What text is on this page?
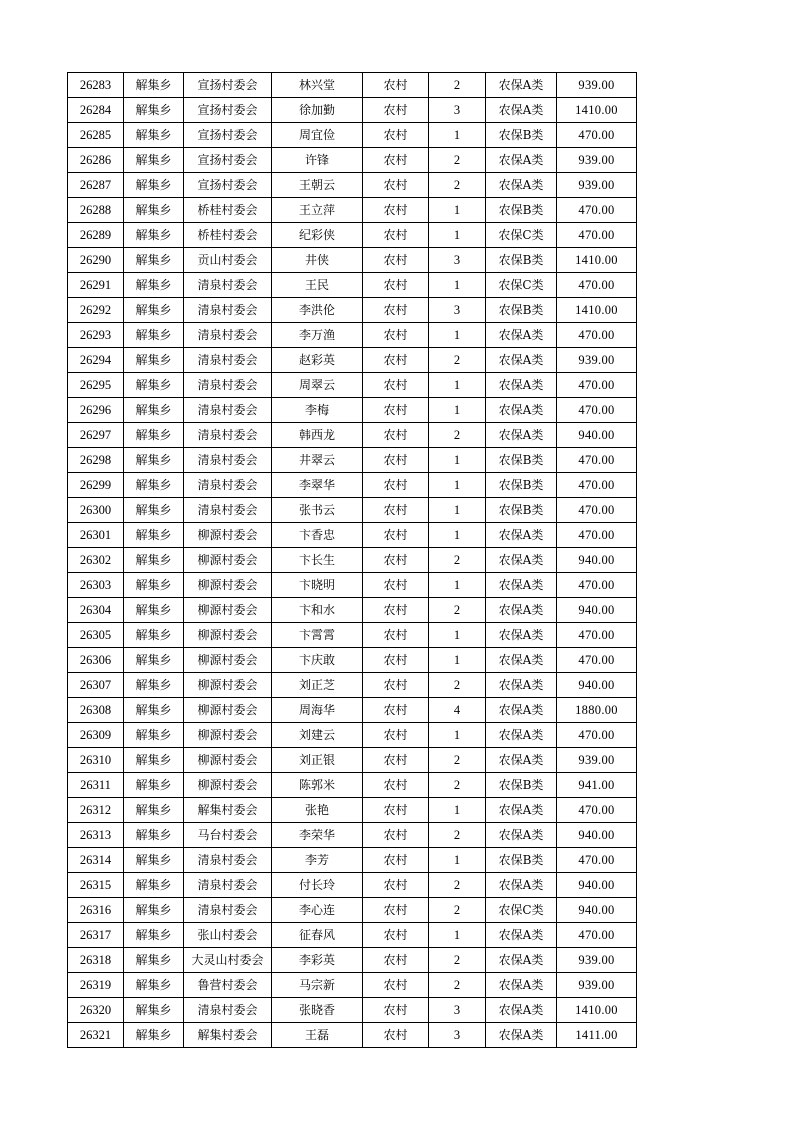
26283	解集乡	宣扬村委会	林兴堂	农村	2	农保A类	939.00
26284	解集乡	宣扬村委会	徐加勤	农村	3	农保A类	1410.00
26285	解集乡	宣扬村委会	周宜俭	农村	1	农保B类	470.00
26286	解集乡	宣扬村委会	许锋	农村	2	农保A类	939.00
26287	解集乡	宣扬村委会	王朝云	农村	2	农保A类	939.00
26288	解集乡	桥桂村委会	王立萍	农村	1	农保B类	470.00
26289	解集乡	桥桂村委会	纪彩侠	农村	1	农保C类	470.00
26290	解集乡	贡山村委会	井侠	农村	3	农保B类	1410.00
26291	解集乡	清泉村委会	王民	农村	1	农保C类	470.00
26292	解集乡	清泉村委会	李洪伦	农村	3	农保B类	1410.00
26293	解集乡	清泉村委会	李万渔	农村	1	农保A类	470.00
26294	解集乡	清泉村委会	赵彩英	农村	2	农保A类	939.00
26295	解集乡	清泉村委会	周翠云	农村	1	农保A类	470.00
26296	解集乡	清泉村委会	李梅	农村	1	农保A类	470.00
26297	解集乡	清泉村委会	韩西龙	农村	2	农保A类	940.00
26298	解集乡	清泉村委会	井翠云	农村	1	农保B类	470.00
26299	解集乡	清泉村委会	李翠华	农村	1	农保B类	470.00
26300	解集乡	清泉村委会	张书云	农村	1	农保B类	470.00
26301	解集乡	柳源村委会	卞香忠	农村	1	农保A类	470.00
26302	解集乡	柳源村委会	卞长生	农村	2	农保A类	940.00
26303	解集乡	柳源村委会	卞晓明	农村	1	农保A类	470.00
26304	解集乡	柳源村委会	卞和水	农村	2	农保A类	940.00
26305	解集乡	柳源村委会	卞霄霄	农村	1	农保A类	470.00
26306	解集乡	柳源村委会	卞庆敢	农村	1	农保A类	470.00
26307	解集乡	柳源村委会	刘正芝	农村	2	农保A类	940.00
26308	解集乡	柳源村委会	周海华	农村	4	农保A类	1880.00
26309	解集乡	柳源村委会	刘建云	农村	1	农保A类	470.00
26310	解集乡	柳源村委会	刘正银	农村	2	农保A类	939.00
26311	解集乡	柳源村委会	陈郭米	农村	2	农保B类	941.00
26312	解集乡	解集村委会	张艳	农村	1	农保A类	470.00
26313	解集乡	马台村委会	李荣华	农村	2	农保A类	940.00
26314	解集乡	清泉村委会	李芳	农村	1	农保B类	470.00
26315	解集乡	清泉村委会	付长玲	农村	2	农保A类	940.00
26316	解集乡	清泉村委会	李心连	农村	2	农保C类	940.00
26317	解集乡	张山村委会	征春风	农村	1	农保A类	470.00
26318	解集乡	大灵山村委会	李彩英	农村	2	农保A类	939.00
26319	解集乡	鲁营村委会	马宗新	农村	2	农保A类	939.00
26320	解集乡	清泉村委会	张晓香	农村	3	农保A类	1410.00
26321	解集乡	解集村委会	王磊	农村	3	农保A类	1411.00
